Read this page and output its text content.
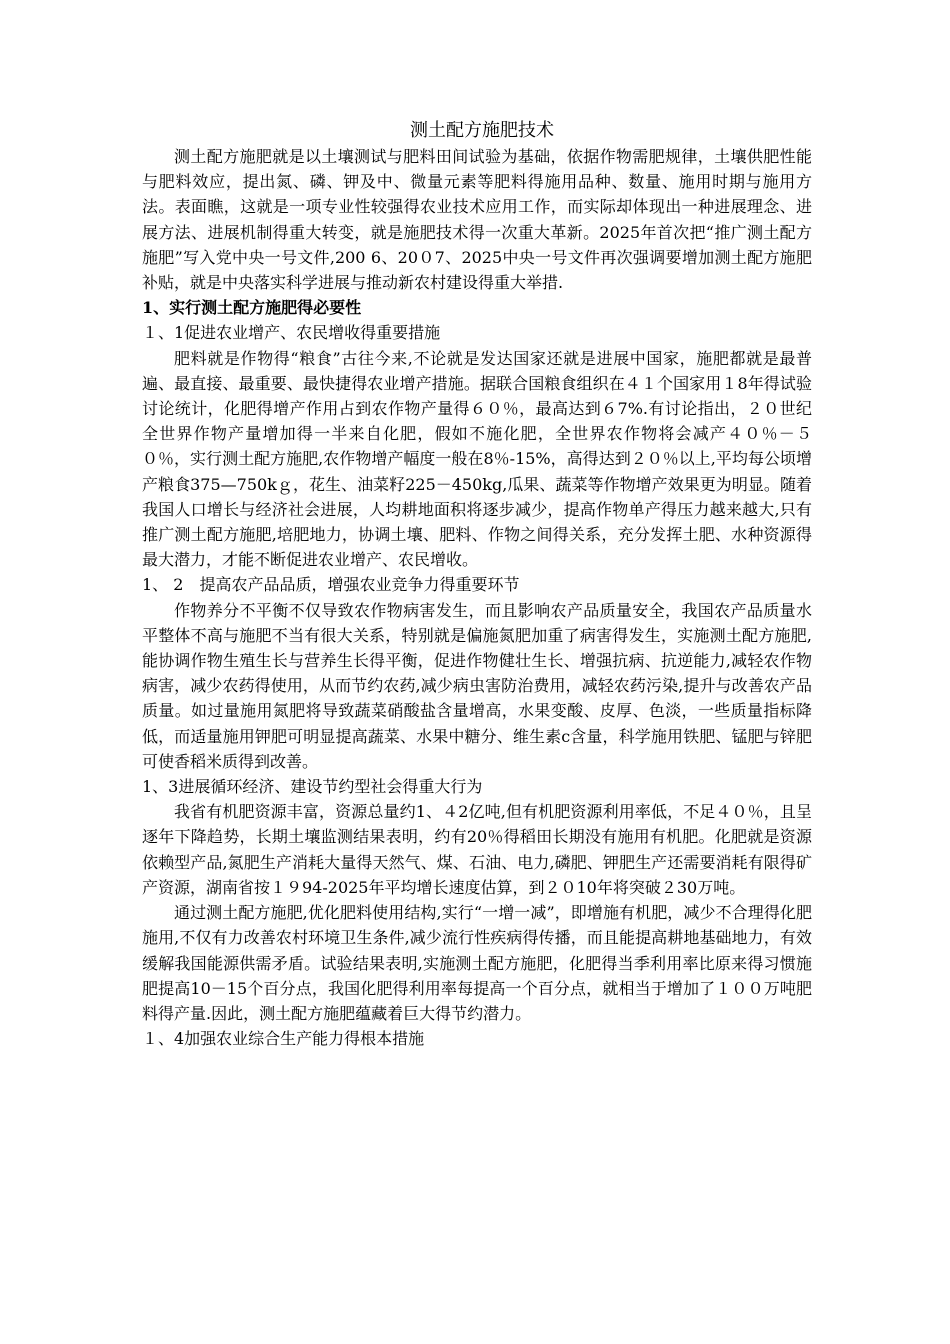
测土配方施肥技术

测土配方施肥就是以土壤测试与肥料田间试验为基础，依据作物需肥规律，土壤供肥性能与肥料效应，提出氮、磷、钾及中、微量元素等肥料得施用品种、数量、施用时期与施用方法。表面瞧，这就是一项专业性较强得农业技术应用工作，而实际却体现出一种进展理念、进展方法、进展机制得重大转变，就是施肥技术得一次重大革新。2025年首次把“推广测土配方施肥”写入党中央一号文件,200 6、20０7、2025中央一号文件再次强调要增加测土配方施肥补贴，就是中央落实科学进展与推动新农村建设得重大举措.

1、实行测土配方施肥得必要性

１、1促进农业增产、农民增收得重要措施

肥料就是作物得“粮食”古往今来,不论就是发达国家还就是进展中国家，施肥都就是最普遍、最直接、最重要、最快捷得农业增产措施。据联合国粮食组织在４１个国家用１8年得试验讨论统计，化肥得增产作用占到农作物产量得６０％，最高达到６7%.有讨论指出，２０世纪全世界作物产量增加得一半来自化肥，假如不施化肥，全世界农作物将会减产４０％－５０％，实行测土配方施肥,农作物增产幅度一般在8％-15%，高得达到２０％以上,平均每公顷增产粮食375—750kｇ，花生、油菜籽225－450kg,瓜果、蔬菜等作物增产效果更为明显。随着我国人口增长与经济社会进展，人均耕地面积将逐步减少，提高作物单产得压力越来越大,只有推广测土配方施肥,培肥地力，协调土壤、肥料、作物之间得关系，充分发挥土肥、水种资源得最大潜力，才能不断促进农业增产、农民增收。

1、 2　提高农产品品质，增强农业竞争力得重要环节

作物养分不平衡不仅导致农作物病害发生，而且影响农产品质量安全，我国农产品质量水平整体不高与施肥不当有很大关系，特别就是偏施氮肥加重了病害得发生，实施测土配方施肥,能协调作物生殖生长与营养生长得平衡，促进作物健壮生长、增强抗病、抗逆能力,减轻农作物病害，减少农药得使用，从而节约农药,减少病虫害防治费用，减轻农药污染,提升与改善农产品质量。如过量施用氮肥将导致蔬菜硝酸盐含量增高，水果变酸、皮厚、色淡，一些质量指标降低，而适量施用钾肥可明显提高蔬菜、水果中糖分、维生素c含量，科学施用铁肥、锰肥与锌肥可使香稻米质得到改善。

1、3进展循环经济、建设节约型社会得重大行为

我省有机肥资源丰富，资源总量约1、４2亿吨,但有机肥资源利用率低，不足４０％，且呈逐年下降趋势，长期土壤监测结果表明，约有20％得稻田长期没有施用有机肥。化肥就是资源依赖型产品,氮肥生产消耗大量得天然气、煤、石油、电力,磷肥、钾肥生产还需要消耗有限得矿产资源，湖南省按１９94-2025年平均增长速度估算，到２０10年将突破２30万吨。

通过测土配方施肥,优化肥料使用结构,实行“一增一减”，即增施有机肥，减少不合理得化肥施用,不仅有力改善农村环境卫生条件,减少流行性疾病得传播，而且能提高耕地基础地力，有效缓解我国能源供需矛盾。试验结果表明,实施测土配方施肥，化肥得当季利用率比原来得习惯施肥提高10－15个百分点，我国化肥得利用率每提高一个百分点，就相当于增加了１００万吨肥料得产量.因此，测土配方施肥蕴藏着巨大得节约潜力。

１、4加强农业综合生产能力得根本措施
